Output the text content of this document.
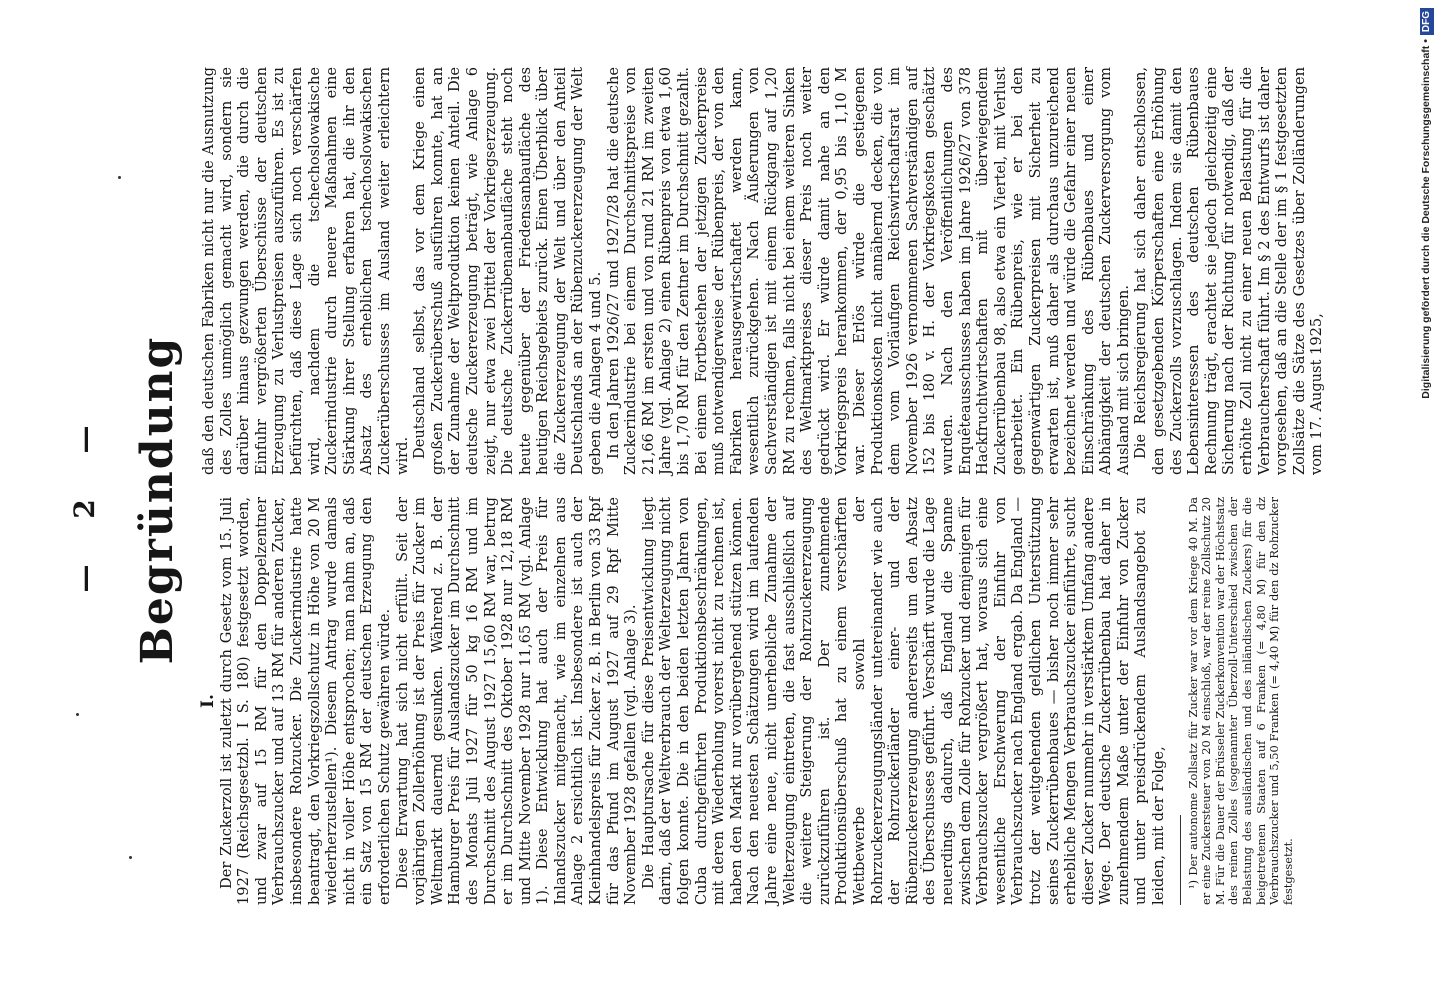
— 2 — Begründung

I. Der Zuckerzoll ist zuletzt durch Gesetz vom 15. Juli 1927 (Reichsgesetzbl. I S. 180) festgesetzt worden, und zwar auf 15 RM für den Doppelzentner Verbrauchszucker und auf 13 RM für anderen Zucker, insbesondere Rohzucker. Die Zuckerindustrie hatte beantragt, den Vorkriegszollschutz in Höhe von 20 M wiederherzustellen¹). Diesem Antrag wurde damals nicht in voller Höhe entsprochen; man nahm an, daß ein Satz von 15 RM der deutschen Erzeugung den erforderlichen Schutz gewähren würde. Diese Erwartung hat sich nicht erfüllt. Seit der vorjährigen Zollerhöhung ist der Preis für Zucker im Weltmarkt dauernd gesunken. Während z. B. der Hamburger Preis für Auslandszucker im Durchschnitt des Monats Juli 1927 für 50 kg 16 RM und im Durchschnitt des August 1927 15,60 RM war, betrug er im Durchschnitt des Oktober 1928 nur 12,18 RM und Mitte November 1928 nur 11,65 RM (vgl. Anlage 1). Diese Entwicklung hat auch der Preis für Inlandszucker mitgemacht, wie im einzelnen aus Anlage 2 ersichtlich ist. Insbesondere ist auch der Kleinhandelspreis für Zucker z. B. in Berlin von 33 Rpf für das Pfund im August 1927 auf 29 Rpf Mitte November 1928 gefallen (vgl. Anlage 3). Die Hauptursache für diese Preisentwicklung liegt darin, daß der Weltverbrauch der Welterzeugung nicht folgen konnte. Die in den beiden letzten Jahren von Cuba durchgeführten Produktionsbeschränkungen, mit deren Wiederholung vorerst nicht zu rechnen ist, haben den Markt nur vorübergehend stützen können. Nach den neuesten Schätzungen wird im laufenden Jahre eine neue, nicht unerhebliche Zunahme der Welterzeugung eintreten, die fast ausschließlich auf die weitere Steigerung der Rohrzuckererzeugung zurückzuführen ist. Der zunehmende Produktionsüberschuß hat zu einem verschärften Wettbewerbe sowohl der Rohrzuckererzeugungsländer untereinander wie auch der Rohrzuckerländer einer- und der Rübenzuckererzeugung andererseits um den Absatz des Überschusses geführt. Verschärft wurde die Lage neuerdings dadurch, daß England die Spanne zwischen dem Zolle für Rohzucker und demjenigen für Verbrauchszucker vergrößert hat, woraus sich eine wesentliche Erschwerung der Einfuhr von Verbrauchszucker nach England ergab. Da England — trotz der weitgehenden geldlichen Unterstützung seines Zuckerrübenbaues — bisher noch immer sehr erhebliche Mengen Verbrauchszucker einführte, sucht dieser Zucker nunmehr in verstärktem Umfang andere Wege. Der deutsche Zuckerrübenbau hat daher in zunehmendem Maße unter der Einfuhr von Zucker und unter preisdrückendem Auslandsangebot zu leiden, mit der Folge, ¹) Der autonome Zollsatz für Zucker war vor dem Kriege 40 M. Da er eine Zuckersteuer von 20 M einschloß, war der reine Zollschutz 20 M. Für die Dauer der Brüsseler Zuckerkonvention war der Höchstsatz des reinen Zolles (sogenannter Überzoll-Unterschied zwischen der Belastung des ausländischen und des inländischen Zuckers) für die beigetretenen Staaten auf 6 Franken (= 4,80 M) für den dz Verbrauchszucker und 5,50 Franken (= 4,40 M) für den dz Rohzucker festgesetzt.

daß den deutschen Fabriken nicht nur die Ausnutzung des Zolles unmöglich gemacht wird, sondern sie darüber hinaus gezwungen werden, die durch die Einfuhr vergrößerten Überschüsse der deutschen Erzeugung zu Verlustpreisen auszuführen. Es ist zu befürchten, daß diese Lage sich noch verschärfen wird, nachdem die tschechoslowakische Zuckerindustrie durch neuere Maßnahmen eine Stärkung ihrer Stellung erfahren hat, die ihr den Absatz des erheblichen tschechoslowakischen Zuckerüberschusses im Ausland weiter erleichtern wird. Deutschland selbst, das vor dem Kriege einen großen Zuckerüberschuß ausführen konnte, hat an der Zunahme der Weltproduktion keinen Anteil. Die deutsche Zuckererzeugung beträgt, wie Anlage 6 zeigt, nur etwa zwei Drittel der Vorkriegserzeugung. Die deutsche Zuckerrübenanbaufläche steht noch heute gegenüber der Friedensanbaufläche des heutigen Reichsgebiets zurück. Einen Überblick über die Zuckererzeugung der Welt und über den Anteil Deutschlands an der Rübenzuckererzeugung der Welt geben die Anlagen 4 und 5. In den Jahren 1926/27 und 1927/28 hat die deutsche Zuckerindustrie bei einem Durchschnittspreise von 21,66 RM im ersten und von rund 21 RM im zweiten Jahre (vgl. Anlage 2) einen Rübenpreis von etwa 1,60 bis 1,70 RM für den Zentner im Durchschnitt gezahlt. Bei einem Fortbestehen der jetzigen Zuckerpreise muß notwendigerweise der Rübenpreis, der von den Fabriken herausgewirtschaftet werden kann, wesentlich zurückgehen. Nach Äußerungen von Sachverständigen ist mit einem Rückgang auf 1,20 RM zu rechnen, falls nicht bei einem weiteren Sinken des Weltmarktpreises dieser Preis noch weiter gedrückt wird. Er würde damit nahe an den Vorkriegspreis herankommen, der 0,95 bis 1,10 M war. Dieser Erlös würde die gestiegenen Produktionskosten nicht annähernd decken, die von dem vom Vorläufigen Reichswirtschaftsrat im November 1926 vernommenen Sachverständigen auf 152 bis 180 v. H. der Vorkriegskosten geschätzt wurden. Nach den Veröffentlichungen des Enquêteausschusses haben im Jahre 1926/27 von 378 Hackfruchtwirtschaften mit überwiegendem Zuckerrübenbau 98, also etwa ein Viertel, mit Verlust gearbeitet. Ein Rübenpreis, wie er bei den gegenwärtigen Zuckerpreisen mit Sicherheit zu erwarten ist, muß daher als durchaus unzureichend bezeichnet werden und würde die Gefahr einer neuen Einschränkung des Rübenbaues und einer Abhängigkeit der deutschen Zuckerversorgung vom Ausland mit sich bringen. Die Reichsregierung hat sich daher entschlossen, den gesetzgebenden Körperschaften eine Erhöhung des Zuckerzolls vorzuschlagen. Indem sie damit den Lebensinteressen des deutschen Rübenbaues Rechnung trägt, erachtet sie jedoch gleichzeitig eine Sicherung nach der Richtung für notwendig, daß der erhöhte Zoll nicht zu einer neuen Belastung für die Verbraucherschaft führt. Im § 2 des Entwurfs ist daher vorgesehen, daß an die Stelle der im § 1 festgesetzten Zollsätze die Sätze des Gesetzes über Zolländerungen vom 17. August 1925,	Digitalisierung gefördert durch die Deutsche Forschungsgemeinschaft •DFG
